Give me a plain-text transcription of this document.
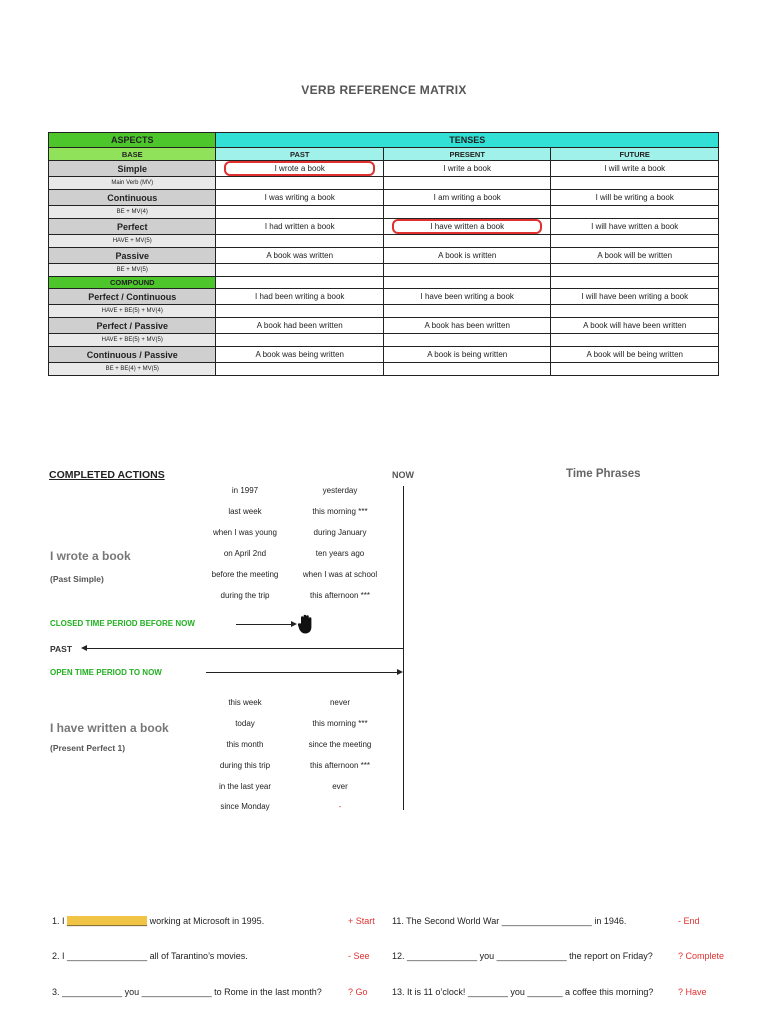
VERB REFERENCE MATRIX
ASPECTS	TENSES		
BASE	PAST	PRESENT	FUTURE
Simple	I wrote a book	I write a book	I will write a book
Main Verb (MV)			
Continuous	I was writing a book	I am writing a book	I will be writing a book
BE + MV(4)			
Perfect	I had written a book	I have written a book	I will have written a book
HAVE + MV(5)			
Passive	A book was written	A book is written	A book will be written
BE + MV(5)			
COMPOUND			
Perfect / Continuous	I had been writing a book	I have been writing a book	I will have been writing a book
HAVE + BE(5) + MV(4)			
Perfect / Passive	A book had been written	A book has been written	A book will have been written
HAVE + BE(5) + MV(5)			
Continuous / Passive	A book was being written	A book is being written	A book will be being written
BE + BE(4) + MV(5)			
COMPLETED ACTIONS	NOW	Time Phrases
in 1997
last week
when I was young
on April 2nd
before the meeting
during the trip
yesterday
this morning ***
during January
ten years ago
when I was at school
this afternoon ***
I wrote a book
(Past Simple)
CLOSED TIME PERIOD BEFORE NOW
PAST
OPEN TIME PERIOD TO NOW
this week
today
this month
during this trip
in the last year
since Monday
never
this morning ***
since the meeting
this afternoon ***
ever
-
I have written a book
(Present Perfect 1)
1. I ________________ working at Microsoft in 1995.	+ Start
2. I ________________ all of Tarantino’s movies.	- See
3. ____________ you ______________ to Rome in the last month?	? Go
11. The Second World War __________________ in 1946.	- End
12. ______________ you ______________ the report on Friday?	? Complete
13. It is 11 o’clock! ________ you _______ a coffee this morning?	? Have
